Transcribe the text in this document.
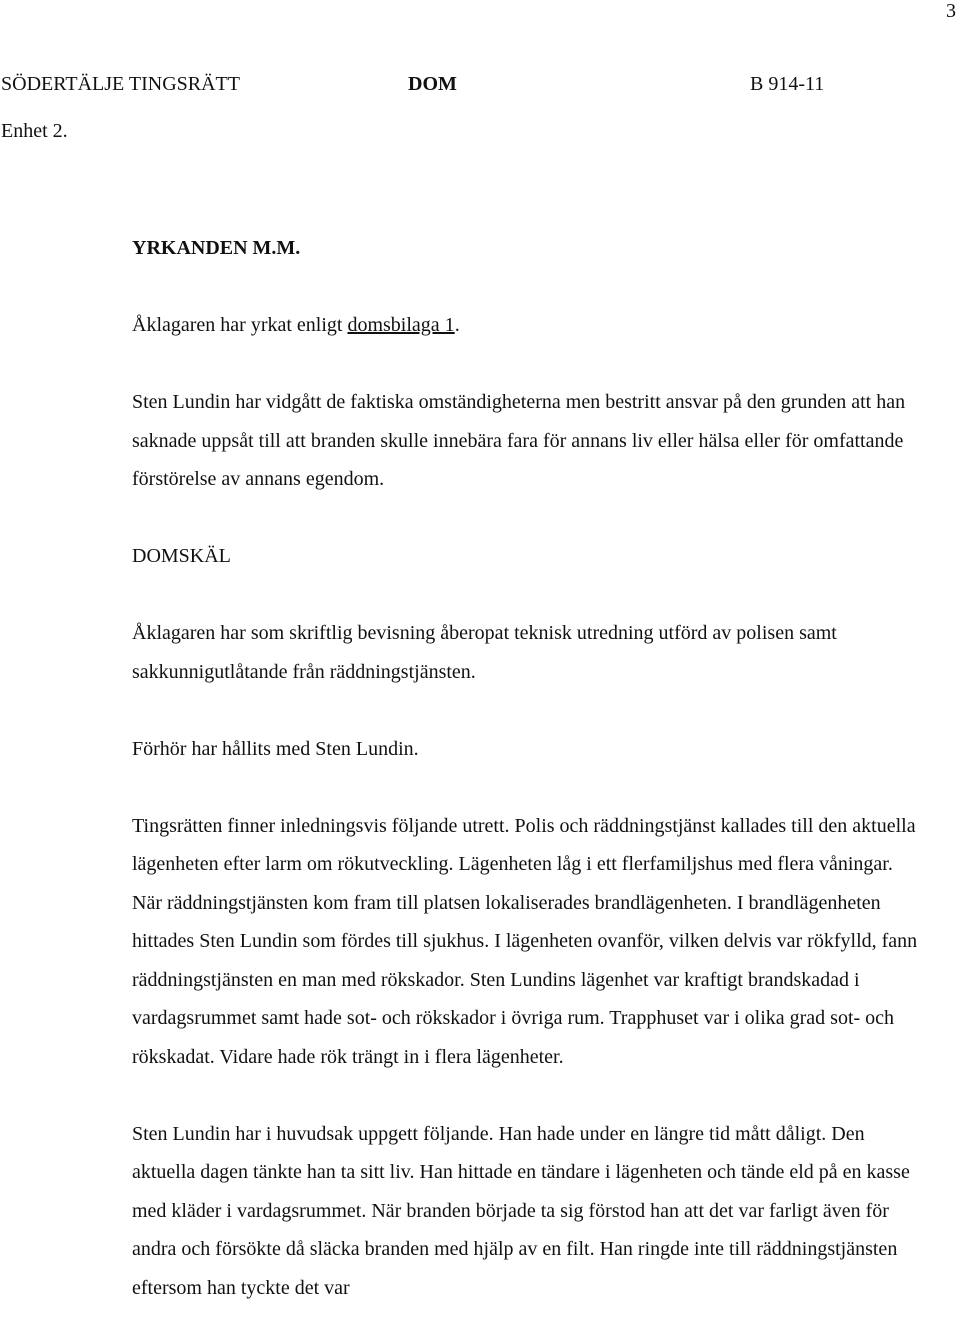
3
SÖDERTÄLJE TINGSRÄTT	DOM	B 914-11
Enhet 2.
YRKANDEN M.M.

Åklagaren har yrkat enligt domsbilaga 1.

Sten Lundin har vidgått de faktiska omständigheterna men bestritt ansvar på den grunden att han saknade uppsåt till att branden skulle innebära fara för annans liv eller hälsa eller för omfattande förstörelse av annans egendom.

DOMSKÄL

Åklagaren har som skriftlig bevisning åberopat teknisk utredning utförd av polisen samt sakkunnigutlåtande från räddningstjänsten.

Förhör har hållits med Sten Lundin.

Tingsrätten finner inledningsvis följande utrett. Polis och räddningstjänst kallades till den aktuella lägenheten efter larm om rökutveckling. Lägenheten låg i ett flerfamiljshus med flera våningar. När räddningstjänsten kom fram till platsen lokaliserades brandlägenheten. I brandlägenheten hittades Sten Lundin som fördes till sjukhus. I lägenheten ovanför, vilken delvis var rökfylld, fann räddningstjänsten en man med rökskador. Sten Lundins lägenhet var kraftigt brandskadad i vardagsrummet samt hade sot- och rökskador i övriga rum. Trapphuset var i olika grad sot- och rökskadat. Vidare hade rök trängt in i flera lägenheter.

Sten Lundin har i huvudsak uppgett följande. Han hade under en längre tid mått dåligt. Den aktuella dagen tänkte han ta sitt liv. Han hittade en tändare i lägenheten och tände eld på en kasse med kläder i vardagsrummet. När branden började ta sig förstod han att det var farligt även för andra och försökte då släcka branden med hjälp av en filt. Han ringde inte till räddningstjänsten eftersom han tyckte det var
